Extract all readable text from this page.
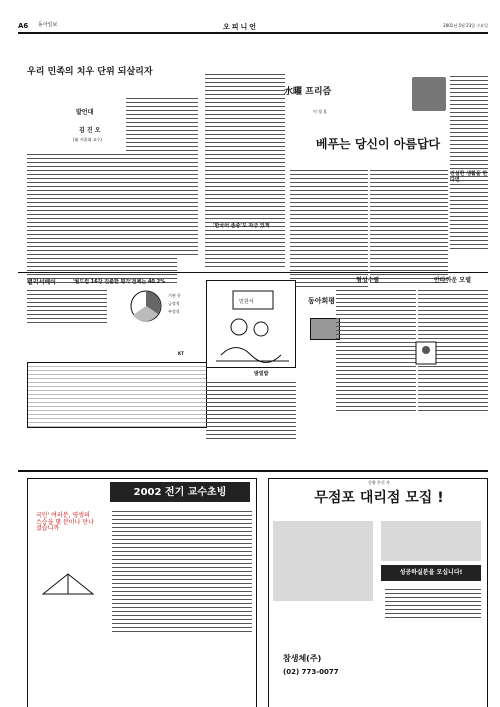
A6 동아일보	오피니언	2001년 5월 23일 수요일
우리 민족의 치우 단위 되살리자
발언대
김 진 오
(前 서울대 교수)
'한국어 존중'도 자긍 있게
水曜 프리즘
이 정 훈
베푸는 당신이 아름답다
진실한 생활을 한다면
별리서베이	'월드컵 16강 진출한 평가'전체는 40.2%
기권 등
긍정적
부정적
KT
민원서	동아희평
발밑밭
형성수필	안타까운 모델
2002 전기 교수초빙
국민' 여러분, 평생의 스승을 몇 분이나 만나셨습니까
동양 투신 사
무점포 대리점 모집 !
성공하실분을 모십니다!
참생체(주)
(02) 773-0077
